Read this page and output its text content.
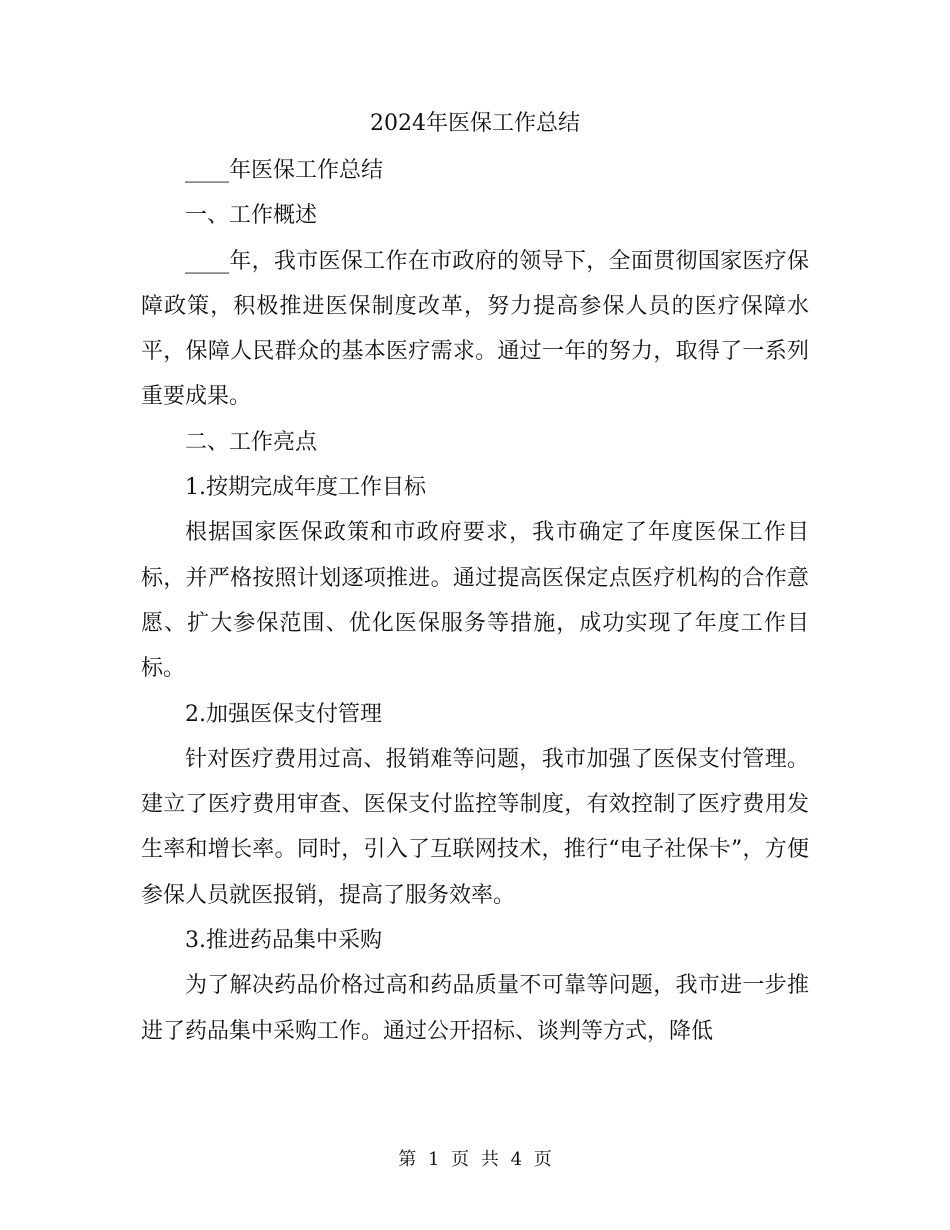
2024年医保工作总结

____年医保工作总结

一、工作概述

____年，我市医保工作在市政府的领导下，全面贯彻国家医疗保障政策，积极推进医保制度改革，努力提高参保人员的医疗保障水平，保障人民群众的基本医疗需求。通过一年的努力，取得了一系列重要成果。

二、工作亮点

1.按期完成年度工作目标

根据国家医保政策和市政府要求，我市确定了年度医保工作目标，并严格按照计划逐项推进。通过提高医保定点医疗机构的合作意愿、扩大参保范围、优化医保服务等措施，成功实现了年度工作目标。

2.加强医保支付管理

针对医疗费用过高、报销难等问题，我市加强了医保支付管理。建立了医疗费用审查、医保支付监控等制度，有效控制了医疗费用发生率和增长率。同时，引入了互联网技术，推行“电子社保卡”，方便参保人员就医报销，提高了服务效率。

3.推进药品集中采购

为了解决药品价格过高和药品质量不可靠等问题，我市进一步推进了药品集中采购工作。通过公开招标、谈判等方式，降低

第 1 页 共 4 页
